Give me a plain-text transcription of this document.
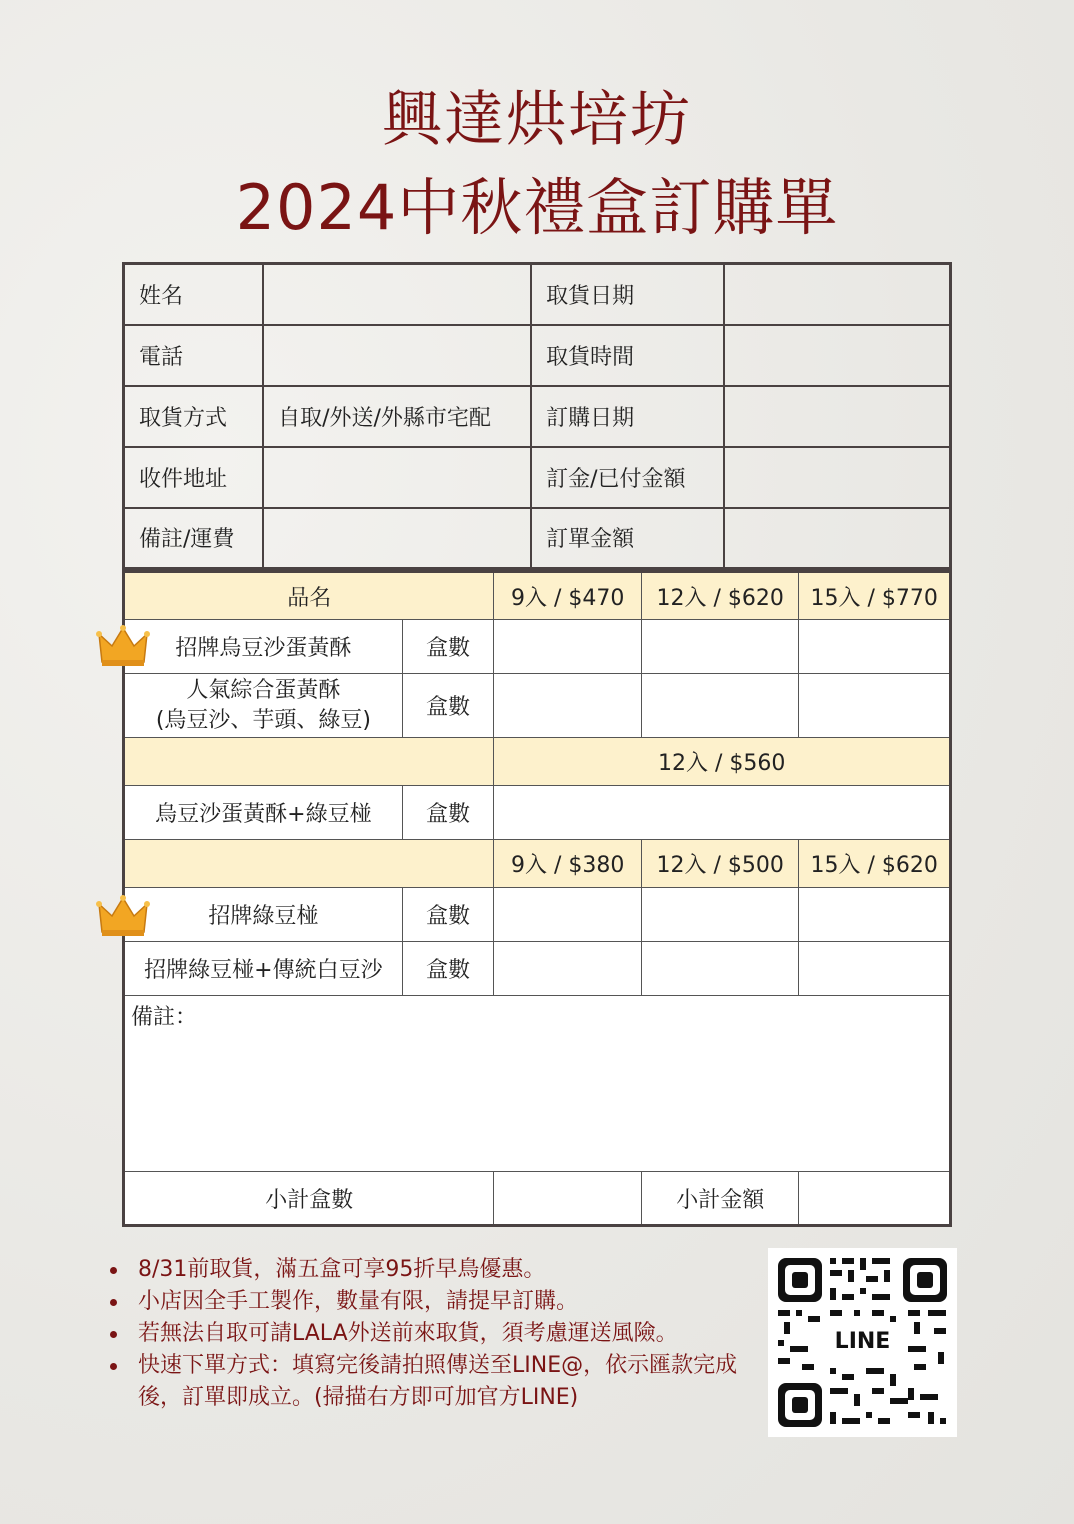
興達烘培坊
2024中秋禮盒訂購單
姓名		取貨日期	
電話		取貨時間	
取貨方式	自取/外送/外縣市宅配	訂購日期	
收件地址		訂金/已付金額	
備註/運費		訂單金額	
品名		9入 / $470	12入 / $620	15入 / $770
招牌烏豆沙蛋黃酥	盒數			

人氣綜合蛋黃酥
(烏豆沙、芋頭、綠豆)	盒數			
		12入 / $560		
烏豆沙蛋黃酥+綠豆椪	盒數			
		9入 / $380	12入 / $500	15入 / $620
招牌綠豆椪	盒數			
招牌綠豆椪+傳統白豆沙	盒數			
備註：				
小計盒數			小計金額	
8/31前取貨，滿五盒可享95折早鳥優惠。
小店因全手工製作，數量有限，請提早訂購。
若無法自取可請LALA外送前來取貨，須考慮運送風險。
快速下單方式：填寫完後請拍照傳送至LINE@，依示匯款完成後，訂單即成立。(掃描右方即可加官方LINE)
LINE
